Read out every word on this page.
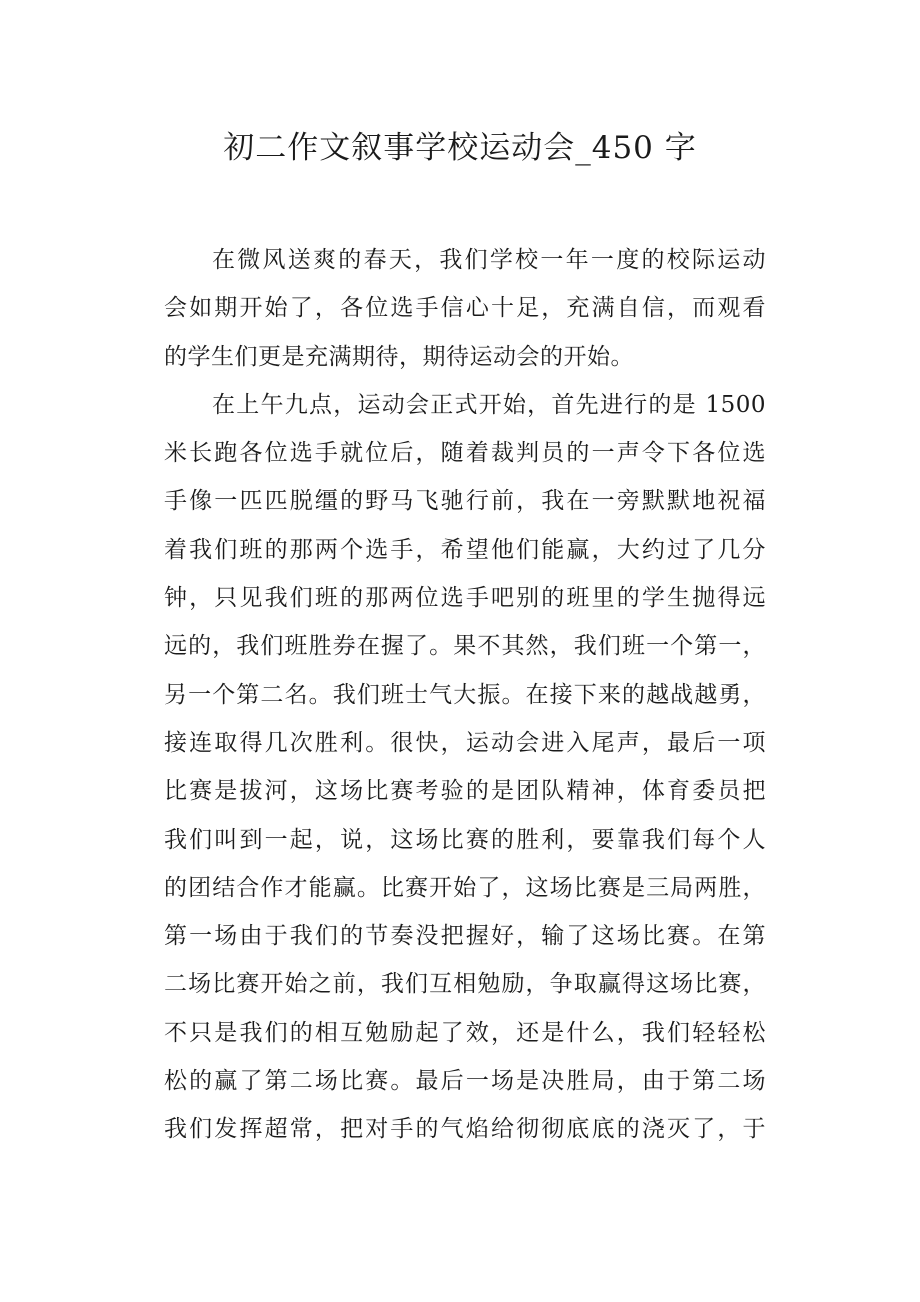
初二作文叙事学校运动会_450 字
在微风送爽的春天，我们学校一年一度的校际运动
会如期开始了，各位选手信心十足，充满自信，而观看
的学生们更是充满期待，期待运动会的开始。
在上午九点，运动会正式开始，首先进行的是 1500
米长跑各位选手就位后，随着裁判员的一声令下各位选
手像一匹匹脱缰的野马飞驰行前，我在一旁默默地祝福
着我们班的那两个选手，希望他们能赢，大约过了几分
钟，只见我们班的那两位选手吧别的班里的学生抛得远
远的，我们班胜券在握了。果不其然，我们班一个第一，
另一个第二名。我们班士气大振。在接下来的越战越勇，
接连取得几次胜利。很快，运动会进入尾声，最后一项
比赛是拔河，这场比赛考验的是团队精神，体育委员把
我们叫到一起，说，这场比赛的胜利，要靠我们每个人
的团结合作才能赢。比赛开始了，这场比赛是三局两胜，
第一场由于我们的节奏没把握好，输了这场比赛。在第
二场比赛开始之前，我们互相勉励，争取赢得这场比赛，
不只是我们的相互勉励起了效，还是什么，我们轻轻松
松的赢了第二场比赛。最后一场是决胜局，由于第二场
我们发挥超常，把对手的气焰给彻彻底底的浇灭了，于
